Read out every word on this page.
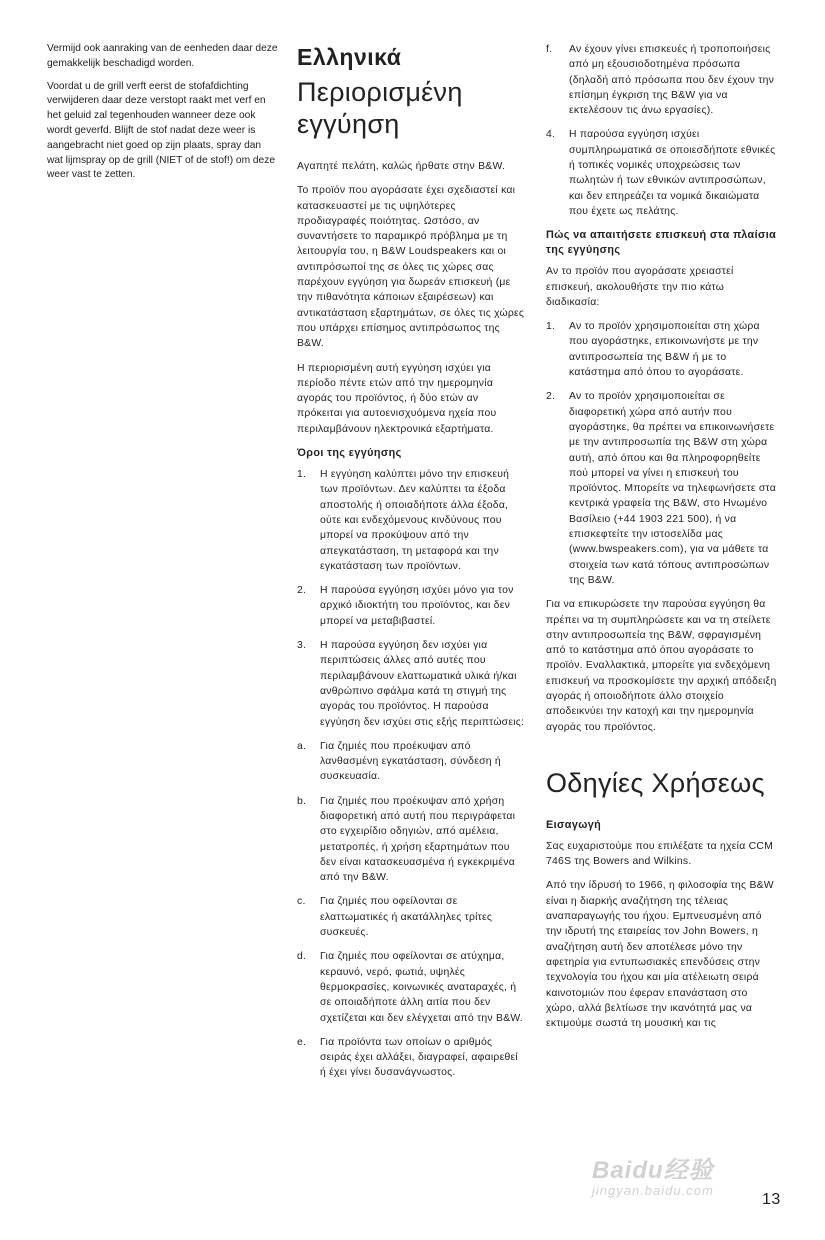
Vermijd ook aanraking van de eenheden daar deze gemakkelijk beschadigd worden.

Voordat u de grill verft eerst de stofafdichting verwijderen daar deze verstopt raakt met verf en het geluid zal tegenhouden wanneer deze ook wordt geverfd. Blijft de stof nadat deze weer is aangebracht niet goed op zijn plaats, spray dan wat lijmspray op de grill (NIET of de stof!) om deze weer vast te zetten.

Ελληνικά
Περιορισμένη εγγύηση

Αγαπητέ πελάτη, καλώς ήρθατε στην B&W.

Το προϊόν που αγοράσατε έχει σχεδιαστεί και κατασκευαστεί με τις υψηλότερες προδιαγραφές ποιότητας. Ωστόσο, αν συναντήσετε το παραμικρό πρόβλημα με τη λειτουργία του, η B&W Loudspeakers και οι αντιπρόσωποί της σε όλες τις χώρες σας παρέχουν εγγύηση για δωρεάν επισκευή (με την πιθανότητα κάποιων εξαιρέσεων) και αντικατάσταση εξαρτημάτων, σε όλες τις χώρες που υπάρχει επίσημος αντιπρόσωπος της B&W.

Η περιορισμένη αυτή εγγύηση ισχύει για περίοδο πέντε ετών από την ημερομηνία αγοράς του προϊόντος, ή δύο ετών αν πρόκειται για αυτοενισχυόμενα ηχεία που περιλαμβάνουν ηλεκτρονικά εξαρτήματα.

Όροι της εγγύησης
1. Η εγγύηση καλύπτει μόνο την επισκευή των προϊόντων. Δεν καλύπτει τα έξοδα αποστολής ή οποιαδήποτε άλλα έξοδα, ούτε και ενδεχόμενους κινδύνους που μπορεί να προκύψουν από την απεγκατάσταση, τη μεταφορά και την εγκατάσταση των προϊόντων.
2. Η παρούσα εγγύηση ισχύει μόνο για τον αρχικό ιδιοκτήτη του προϊόντος, και δεν μπορεί να μεταβιβαστεί.
3. Η παρούσα εγγύηση δεν ισχύει για περιπτώσεις άλλες από αυτές που περιλαμβάνουν ελαττωματικά υλικά ή/και ανθρώπινο σφάλμα κατά τη στιγμή της αγοράς του προϊόντος. Η παρούσα εγγύηση δεν ισχύει στις εξής περιπτώσεις:
a. Για ζημιές που προέκυψαν από λανθασμένη εγκατάσταση, σύνδεση ή συσκευασία.
b. Για ζημιές που προέκυψαν από χρήση διαφορετική από αυτή που περιγράφεται στο εγχειρίδιο οδηγιών, από αμέλεια, μετατροπές, ή χρήση εξαρτημάτων που δεν είναι κατασκευασμένα ή εγκεκριμένα από την B&W.
c. Για ζημιές που οφείλονται σε ελαττωματικές ή ακατάλληλες τρίτες συσκευές.
d. Για ζημιές που οφείλονται σε ατύχημα, κεραυνό, νερό, φωτιά, υψηλές θερμοκρασίες, κοινωνικές αναταραχές, ή σε οποιαδήποτε άλλη αιτία που δεν σχετίζεται και δεν ελέγχεται από την B&W.
e. Για προϊόντα των οποίων ο αριθμός σειράς έχει αλλάξει, διαγραφεί, αφαιρεθεί ή έχει γίνει δυσανάγνωστος.
f. Αν έχουν γίνει επισκευές ή τροποποιήσεις από μη εξουσιοδοτημένα πρόσωπα (δηλαδή από πρόσωπα που δεν έχουν την επίσημη έγκριση της B&W για να εκτελέσουν τις άνω εργασίες).
4. Η παρούσα εγγύηση ισχύει συμπληρωματικά σε οποιεσδήποτε εθνικές ή τοπικές νομικές υποχρεώσεις των πωλητών ή των εθνικών αντιπροσώπων, και δεν επηρεάζει τα νομικά δικαιώματα που έχετε ως πελάτης.
Πώς να απαιτήσετε επισκευή στα πλαίσια της εγγύησης

Αν το προϊόν που αγοράσατε χρειαστεί επισκευή, ακολουθήστε την πιο κάτω διαδικασία:

1. Αν το προϊόν χρησιμοποιείται στη χώρα που αγοράστηκε, επικοινωνήστε με την αντιπροσωπεία της B&W ή με το κατάστημα από όπου το αγοράσατε.
2. Αν το προϊόν χρησιμοποιείται σε διαφορετική χώρα από αυτήν που αγοράστηκε, θα πρέπει να επικοινωνήσετε με την αντιπροσωπία της B&W στη χώρα αυτή, από όπου και θα πληροφορηθείτε πού μπορεί να γίνει η επισκευή του προϊόντος. Μπορείτε να τηλεφωνήσετε στα κεντρικά γραφεία της B&W, στο Ηνωμένο Βασίλειο (+44 1903 221 500), ή να επισκεφτείτε την ιστοσελίδα μας (www.bwspeakers.com), για να μάθετε τα στοιχεία των κατά τόπους αντιπροσώπων της B&W.

Για να επικυρώσετε την παρούσα εγγύηση θα πρέπει να τη συμπληρώσετε και να τη στείλετε στην αντιπροσωπεία της B&W, σφραγισμένη από το κατάστημα από όπου αγοράσατε το προϊόν. Εναλλακτικά, μπορείτε για ενδεχόμενη επισκευή να προσκομίσετε την αρχική απόδειξη αγοράς ή οποιοδήποτε άλλο στοιχείο αποδεικνύει την κατοχή και την ημερομηνία αγοράς του προϊόντος.

Οδηγίες Χρήσεως
Εισαγωγή

Σας ευχαριστούμε που επιλέξατε τα ηχεία CCM 746S της Bowers and Wilkins.

Από την ίδρυσή το 1966, η φιλοσοφία της B&W είναι η διαρκής αναζήτηση της τέλειας αναπαραγωγής του ήχου. Εμπνευσμένη από την ιδρυτή της εταιρείας τον John Bowers, η αναζήτηση αυτή δεν αποτέλεσε μόνο την αφετηρία για εντυπωσιακές επενδύσεις στην τεχνολογία του ήχου και μία ατέλειωτη σειρά καινοτομιών που έφεραν επανάσταση στο χώρο, αλλά βελτίωσε την ικανότητά μας να εκτιμούμε σωστά τη μουσική και τις

Baidu经验
jingyan.baidu.com
13
